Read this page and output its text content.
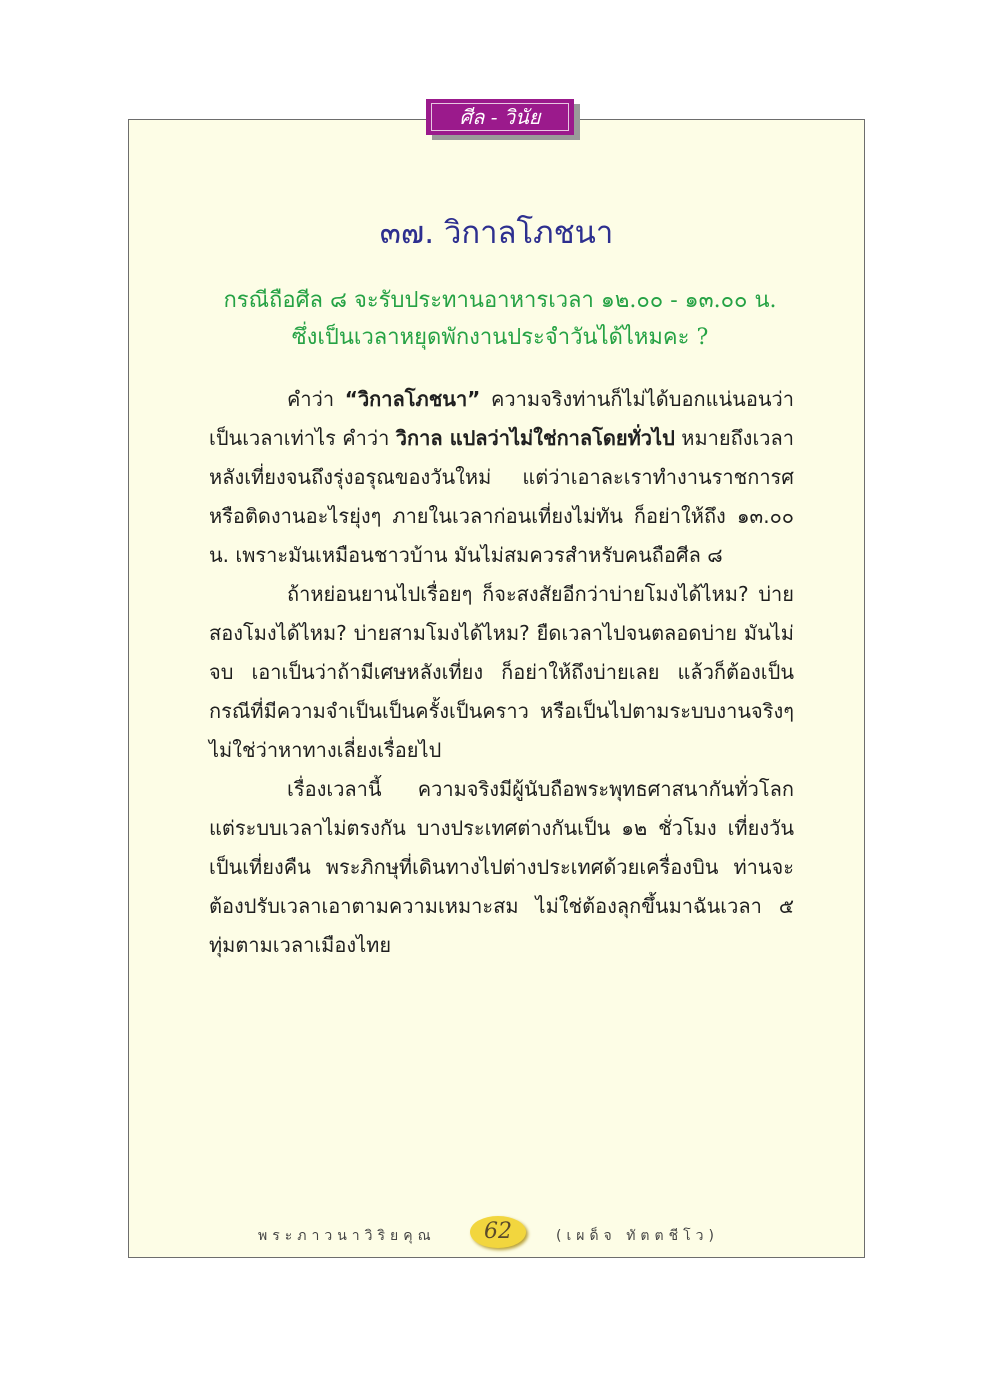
ศีล - วินัย
๓๗. วิกาลโภชนา
กรณีถือศีล ๘ จะรับประทานอาหารเวลา ๑๒.๐๐ - ๑๓.๐๐ น.
ซึ่งเป็นเวลาหยุดพักงานประจำวันได้ไหมคะ ?

คำว่า “วิกาลโภชนา” ความจริงท่านก็ไม่ได้บอกแน่นอนว่าเป็นเวลาเท่าไร คำว่า วิกาล แปลว่าไม่ใช่กาลโดยทั่วไป หมายถึงเวลาหลังเที่ยงจนถึงรุ่งอรุณของวันใหม่ แต่ว่าเอาละเราทำงานราชการศ หรือติดงานอะไรยุ่งๆ ภายในเวลาก่อนเที่ยงไม่ทัน ก็อย่าให้ถึง ๑๓.๐๐ น. เพราะมันเหมือนชาวบ้าน มันไม่สมควรสำหรับคนถือศีล ๘

ถ้าหย่อนยานไปเรื่อยๆ ก็จะสงสัยอีกว่าบ่ายโมงได้ไหม? บ่ายสองโมงได้ไหม? บ่ายสามโมงได้ไหม? ยืดเวลาไปจนตลอดบ่าย มันไม่จบ เอาเป็นว่าถ้ามีเศษหลังเที่ยง ก็อย่าให้ถึงบ่ายเลย แล้วก็ต้องเป็นกรณีที่มีความจำเป็นเป็นครั้งเป็นคราว หรือเป็นไปตามระบบงานจริงๆ ไม่ใช่ว่าหาทางเลี่ยงเรื่อยไป

เรื่องเวลานี้ ความจริงมีผู้นับถือพระพุทธศาสนากันทั่วโลก แต่ระบบเวลาไม่ตรงกัน บางประเทศต่างกันเป็น ๑๒ ชั่วโมง เที่ยงวันเป็นเที่ยงคืน พระภิกษุที่เดินทางไปต่างประเทศด้วยเครื่องบิน ท่านจะต้องปรับเวลาเอาตามความเหมาะสม ไม่ใช่ต้องลุกขึ้นมาฉันเวลา ๕ ทุ่มตามเวลาเมืองไทย

พระภาวนาวิริยคุณ	62	(เผด็จ ทัตตชีโว)
